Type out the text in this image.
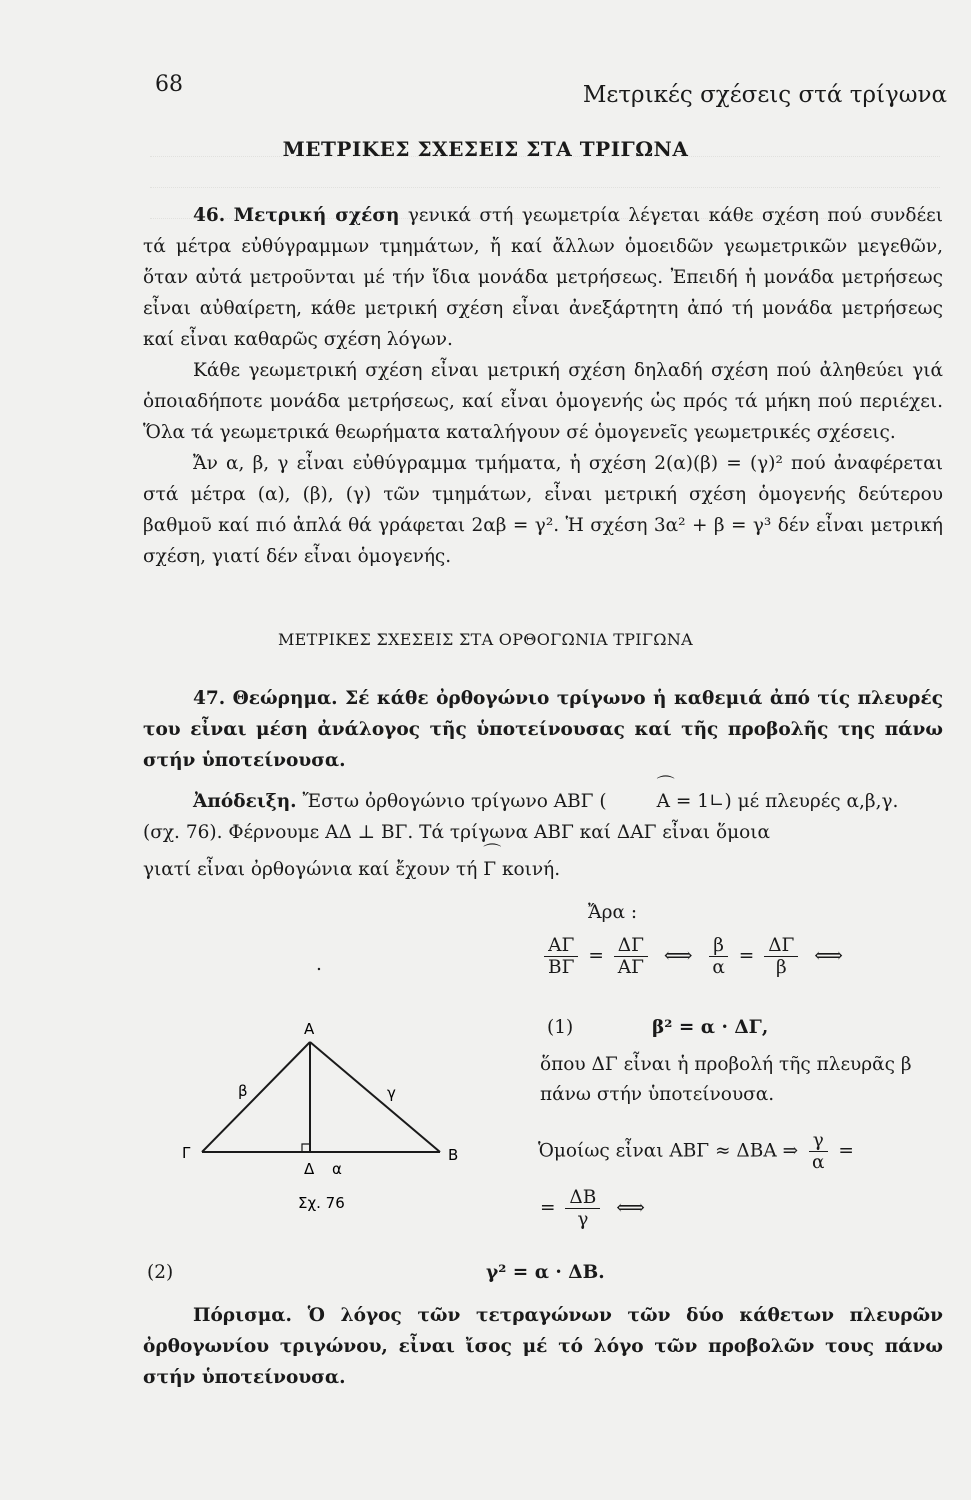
68	Μετρικές σχέσεις στά τρίγωνα
ΜΕΤΡΙΚΕΣ ΣΧΕΣΕΙΣ ΣΤΑ ΤΡΙΓΩΝΑ

46. Μετρική σχέση γενικά στή γεωμετρία λέγεται κάθε σχέση πού συνδέει τά μέτρα εὐθύγραμμων τμημάτων, ἤ καί ἄλλων ὁμοειδῶν γεωμετρικῶν μεγεθῶν, ὅταν αὐτά μετροῦνται μέ τήν ἴδια μονάδα μετρήσεως. Ἐπειδή ἡ μονάδα μετρήσεως εἶναι αὐθαίρετη, κάθε μετρική σχέση εἶναι ἀνεξάρτητη ἀπό τή μονάδα μετρήσεως καί εἶναι καθαρῶς σχέση λόγων.

Κάθε γεωμετρική σχέση εἶναι μετρική σχέση δηλαδή σχέση πού ἀληθεύει γιά ὁποιαδήποτε μονάδα μετρήσεως, καί εἶναι ὁμογενής ὡς πρός τά μήκη πού περιέχει. Ὅλα τά γεωμετρικά θεωρήματα καταλήγουν σέ ὁμογενεῖς γεωμετρικές σχέσεις.

Ἄν α, β, γ εἶναι εὐθύγραμμα τμήματα, ἡ σχέση 2(α)(β) = (γ)² πού ἀναφέρεται στά μέτρα (α), (β), (γ) τῶν τμημάτων, εἶναι μετρική σχέση ὁμογενής δεύτερου βαθμοῦ καί πιό ἁπλά θά γράφεται 2αβ = γ². Ἡ σχέση 3α² + β = γ³ δέν εἶναι μετρική σχέση, γιατί δέν εἶναι ὁμογενής.

ΜΕΤΡΙΚΕΣ ΣΧΕΣΕΙΣ ΣΤΑ ΟΡΘΟΓΩΝΙΑ ΤΡΙΓΩΝΑ

47. Θεώρημα. Σέ κάθε ὀρθογώνιο τρίγωνο ἡ καθεμιά ἀπό τίς πλευρές του εἶναι μέση ἀνάλογος τῆς ὑποτείνουσας καί τῆς προβολῆς της πάνω στήν ὑποτείνουσα.

Ἀπόδειξη. Ἔστω ὀρθογώνιο τρίγωνο ΑΒΓ (⌒	Α = 1∟) μέ πλευρές α,β,γ.

(σχ. 76). Φέρνουμε ΑΔ ⊥ ΒΓ. Τά τρίγωνα ΑΒΓ καί ΔΑΓ εἶναι ὅμοια

γιατί εἶναι ὀρθογώνια καί ἔχουν τή ⌒ Γ κοινή.

Ἄρα :
$\frac{A\Gamma}{B\Gamma} = \frac{\Delta\Gamma}{A\Gamma}$ ⟺ $\frac{\beta}{\alpha} = \frac{\Delta\Gamma}{\beta}$ ⟺
(1)	β² = α · ΔΓ,
ὅπου ΔΓ εἶναι ἡ προβολή τῆς πλευρᾶς β πάνω στήν ὑποτείνουσα.
Ὁμοίως εἶναι ΑΒΓ ≈ ΔΒΑ ⇒ $\frac{\gamma}{\alpha}$ =
= $\frac{\Delta B}{\gamma}$ ⟺
(2)	γ² = α · ΔΒ.

Πόρισμα. Ὁ λόγος τῶν τετραγώνων τῶν δύο κάθετων πλευρῶν ὀρθογωνίου τριγώνου, εἶναι ἴσος μέ τό λόγο τῶν προβολῶν τους πάνω στήν ὑποτείνουσα.

Α
Γ	Β
Δ
β	γ
α
Σχ. 76
.
